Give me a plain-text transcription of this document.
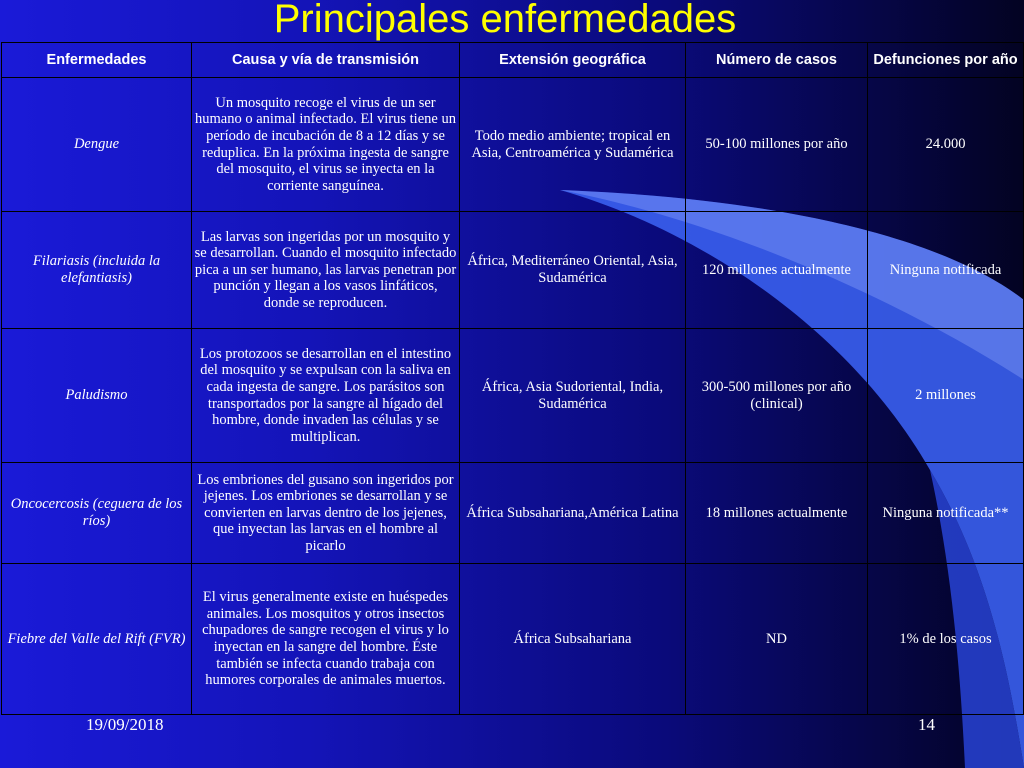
Principales enfermedades
Enfermedades	Causa y vía de transmisión	Extensión geográfica	Número de casos	Defunciones por año
Dengue	Un mosquito recoge el virus de un ser humano o animal infectado. El virus tiene un período de incubación de 8 a 12 días y se reduplica. En la próxima ingesta de sangre del mosquito, el virus se inyecta en la corriente sanguínea.	Todo medio ambiente; tropical en Asia, Centroamérica y Sudamérica	50-100 millones por año	24.000
Filariasis (incluida la elefantiasis)	Las larvas son ingeridas por un mosquito y se desarrollan. Cuando el mosquito infectado pica a un ser humano, las larvas penetran por punción y llegan a los vasos linfáticos, donde se reproducen.	África, Mediterráneo Oriental, Asia, Sudamérica	120 millones actualmente	Ninguna notificada
Paludismo	Los protozoos se desarrollan en el intestino del mosquito y se expulsan con la saliva en cada ingesta de sangre. Los parásitos son transportados por la sangre al hígado del hombre, donde invaden las células y se multiplican.	África, Asia Sudoriental, India, Sudamérica	300-500 millones por año (clinical)	2 millones
Oncocercosis (ceguera de los ríos)	Los embriones del gusano son ingeridos por jejenes. Los embriones se desarrollan y se convierten en larvas dentro de los jejenes, que inyectan las larvas en el hombre al picarlo	África Subsahariana,América Latina	18 millones actualmente	Ninguna notificada**
Fiebre del Valle del Rift (FVR)	El virus generalmente existe en huéspedes animales. Los mosquitos y otros insectos chupadores de sangre recogen el virus y lo inyectan en la sangre del hombre. Éste también se infecta cuando trabaja con humores corporales de animales muertos.	África Subsahariana	ND	1% de los casos
19/09/2018	14
